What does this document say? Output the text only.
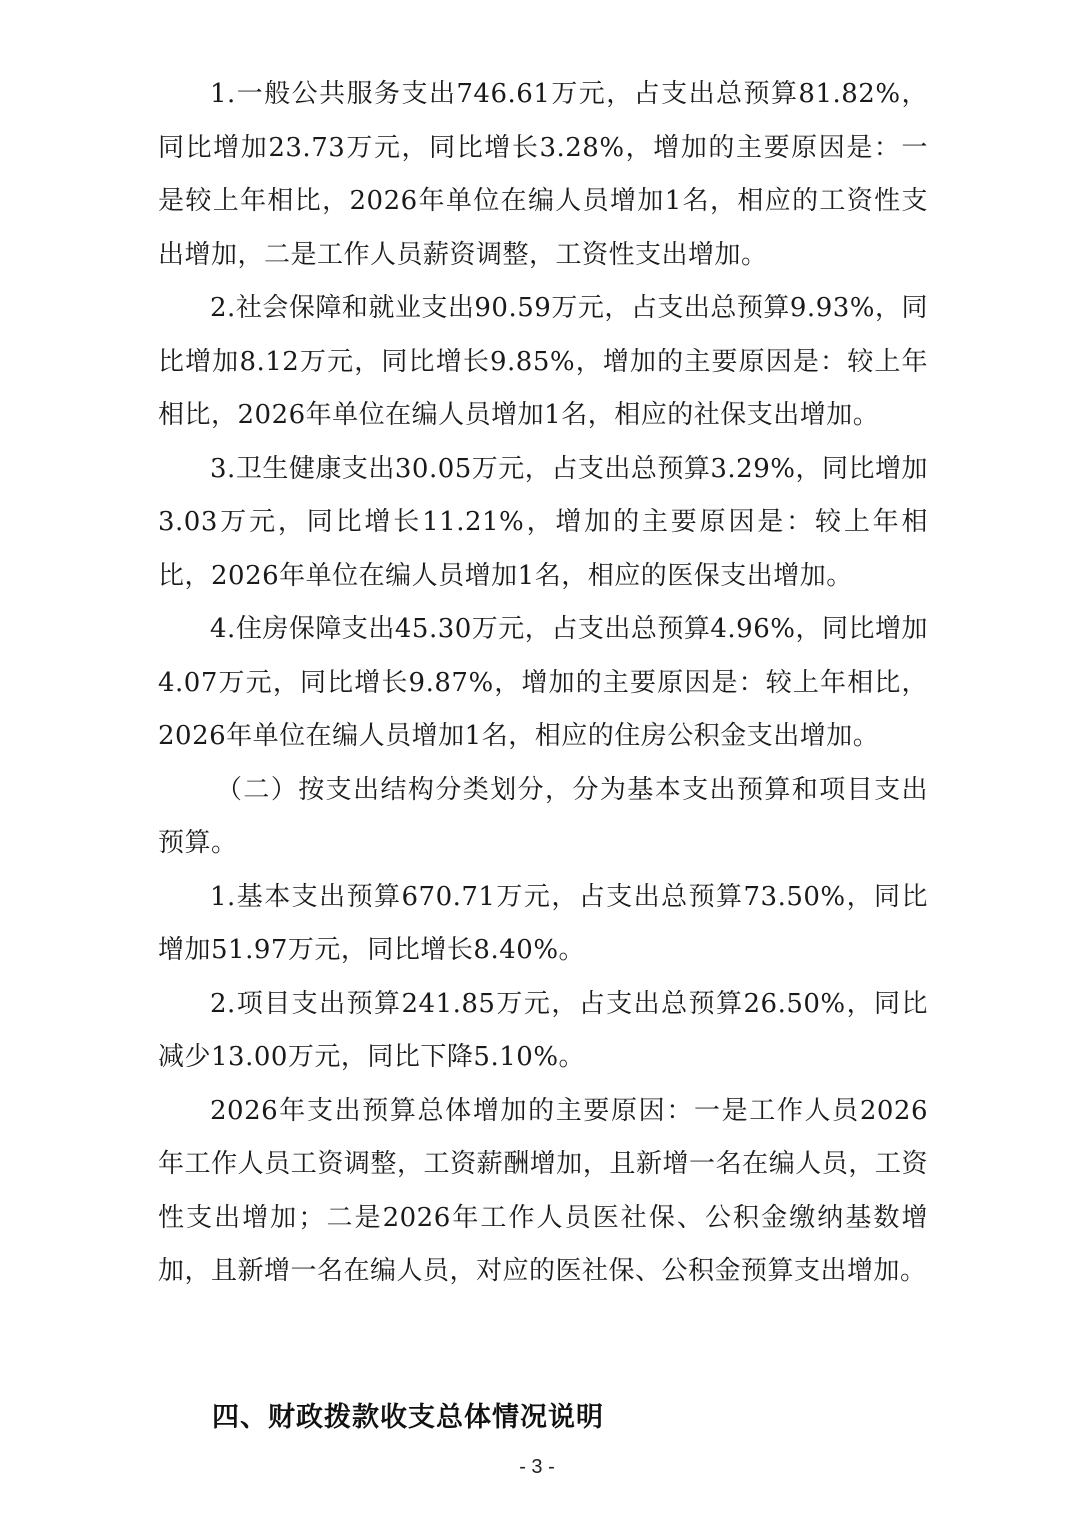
1.一般公共服务支出746.61万元，占支出总预算81.82%，同比增加23.73万元，同比增长3.28%，增加的主要原因是：一是较上年相比，2026年单位在编人员增加1名，相应的工资性支出增加，二是工作人员薪资调整，工资性支出增加。

2.社会保障和就业支出90.59万元，占支出总预算9.93%，同比增加8.12万元，同比增长9.85%，增加的主要原因是：较上年相比，2026年单位在编人员增加1名，相应的社保支出增加。

3.卫生健康支出30.05万元，占支出总预算3.29%，同比增加3.03万元，同比增长11.21%，增加的主要原因是：较上年相比，2026年单位在编人员增加1名，相应的医保支出增加。

4.住房保障支出45.30万元，占支出总预算4.96%，同比增加4.07万元，同比增长9.87%，增加的主要原因是：较上年相比，2026年单位在编人员增加1名，相应的住房公积金支出增加。

（二）按支出结构分类划分，分为基本支出预算和项目支出预算。

1.基本支出预算670.71万元，占支出总预算73.50%，同比增加51.97万元，同比增长8.40%。

2.项目支出预算241.85万元，占支出总预算26.50%，同比减少13.00万元，同比下降5.10%。

2026年支出预算总体增加的主要原因：一是工作人员2026年工作人员工资调整，工资薪酬增加，且新增一名在编人员，工资性支出增加；二是2026年工作人员医社保、公积金缴纳基数增加，且新增一名在编人员，对应的医社保、公积金预算支出增加。

四、财政拨款收支总体情况说明
- 3 -
